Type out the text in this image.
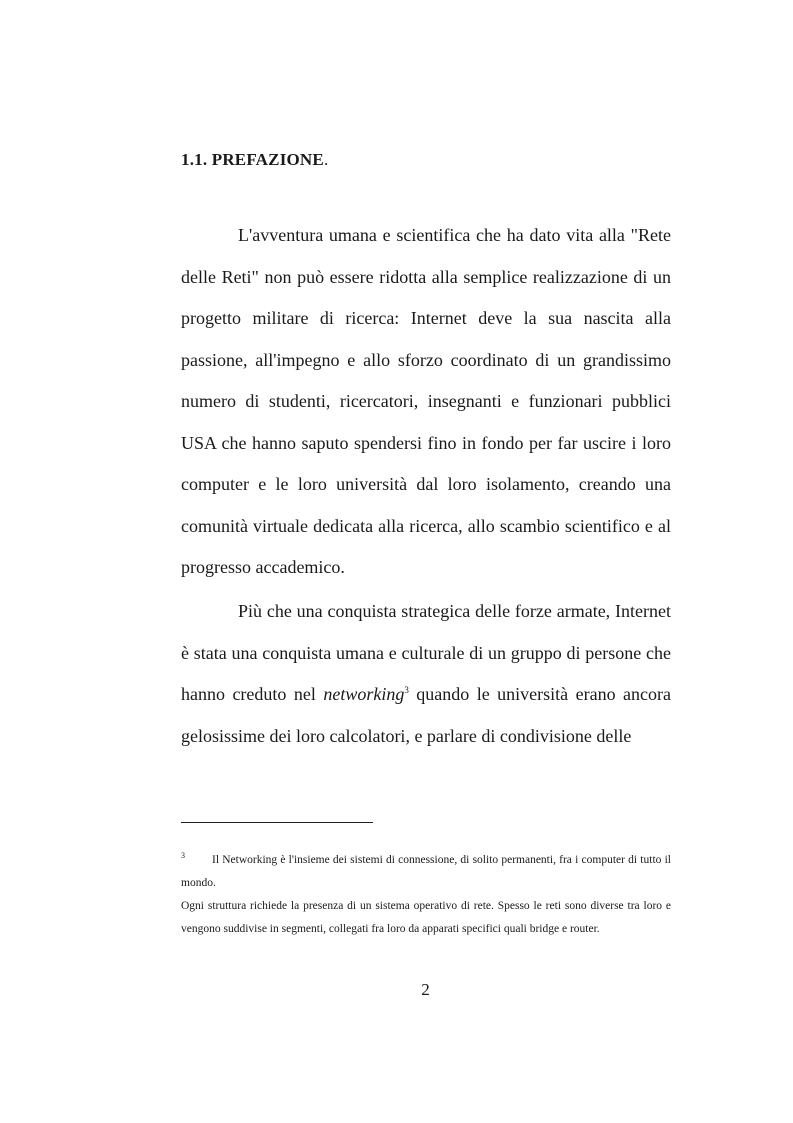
1.1. PREFAZIONE.

L'avventura umana e scientifica che ha dato vita alla "Rete delle Reti" non può essere ridotta alla semplice realizzazione di un progetto militare di ricerca: Internet deve la sua nascita alla passione, all'impegno e allo sforzo coordinato di un grandissimo numero di studenti, ricercatori, insegnanti e funzionari pubblici USA che hanno saputo spendersi fino in fondo per far uscire i loro computer e le loro università dal loro isolamento, creando una comunità virtuale dedicata alla ricerca, allo scambio scientifico e al progresso accademico.

Più che una conquista strategica delle forze armate, Internet è stata una conquista umana e culturale di un gruppo di persone che hanno creduto nel networking$^3$ quando le università erano ancora gelosissime dei loro calcolatori, e parlare di condivisione delle

3 Il Networking è l'insieme dei sistemi di connessione, di solito permanenti, fra i computer di tutto il mondo.

Ogni struttura richiede la presenza di un sistema operativo di rete. Spesso le reti sono diverse tra loro e vengono suddivise in segmenti, collegati fra loro da apparati specifici quali bridge e router.

2
